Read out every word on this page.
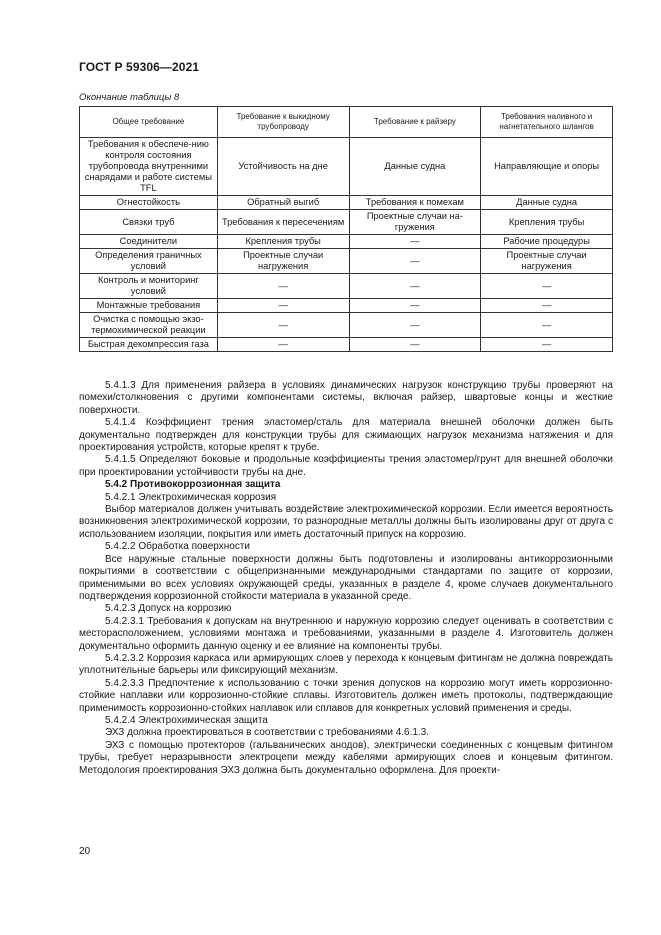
ГОСТ Р 59306—2021
Окончание таблицы 8
Общее требование	Требование к выкидному трубопроводу	Требование к райзеру	Требования наливного и нагнетательного шлангов
Требования к обеспече-нию контроля состояния трубопровода внутренними снарядами и работе системы TFL	Устойчивость на дне	Данные судна	Направляющие и опоры
Огнестойкость	Обратный выгиб	Требования к помехам	Данные судна
Связки труб	Требования к пересечениям	Проектные случаи на-гружения	Крепления трубы
Соединители	Крепления трубы	—	Рабочие процедуры
Определения граничных условий	Проектные случаи нагружения	—	Проектные случаи нагружения
Контроль и мониторинг условий	—	—	—
Монтажные требования	—	—	—
Очистка с помощью экзо-термохимической реакции	—	—	—
Быстрая декомпрессия газа	—	—	—

5.4.1.3 Для применения райзера в условиях динамических нагрузок конструкцию трубы проверяют на помехи/столкновения с другими компонентами системы, включая райзер, швартовые концы и жесткие поверхности.

5.4.1.4 Коэффициент трения эластомер/сталь для материала внешней оболочки должен быть документально подтвержден для конструкции трубы для сжимающих нагрузок механизма натяжения и для проектирования устройств, которые крепят к трубе.

5.4.1.5 Определяют боковые и продольные коэффициенты трения эластомер/грунт для внешней оболочки при проектировании устойчивости трубы на дне.

5.4.2 Противокоррозионная защита

5.4.2.1 Электрохимическая коррозия

Выбор материалов должен учитывать воздействие электрохимической коррозии. Если имеется вероятность возникновения электрохимической коррозии, то разнородные металлы должны быть изолированы друг от друга с использованием изоляции, покрытия или иметь достаточный припуск на коррозию.

5.4.2.2 Обработка поверхности

Все наружные стальные поверхности должны быть подготовлены и изолированы антикоррозионными покрытиями в соответствии с общепризнанными международными стандартами по защите от коррозии, применимыми во всех условиях окружающей среды, указанных в разделе 4, кроме случаев документального подтверждения коррозионной стойкости материала в указанной среде.

5.4.2.3 Допуск на коррозию

5.4.2.3.1 Требования к допускам на внутреннюю и наружную коррозию следует оценивать в соответствии с месторасположением, условиями монтажа и требованиями, указанными в разделе 4. Изготовитель должен документально оформить данную оценку и ее влияние на компоненты трубы.

5.4.2.3.2 Коррозия каркаса или армирующих слоев у перехода к концевым фитингам не должна повреждать уплотнительные барьеры или фиксирующий механизм.

5.4.2.3.3 Предпочтение к использованию с точки зрения допусков на коррозию могут иметь коррозионно-стойкие наплавки или коррозионно-стойкие сплавы. Изготовитель должен иметь протоколы, подтверждающие применимость коррозионно-стойких наплавок или сплавов для конкретных условий применения и среды.

5.4.2.4 Электрохимическая защита

ЭХЗ должна проектироваться в соответствии с требованиями 4.6.1.3.

ЭХЗ с помощью протекторов (гальванических анодов), электрически соединенных с концевым фитингом трубы, требует неразрывности электроцепи между кабелями армирующих слоев и концевым фитингом. Методология проектирования ЭХЗ должна быть документально оформлена. Для проекти-

20
